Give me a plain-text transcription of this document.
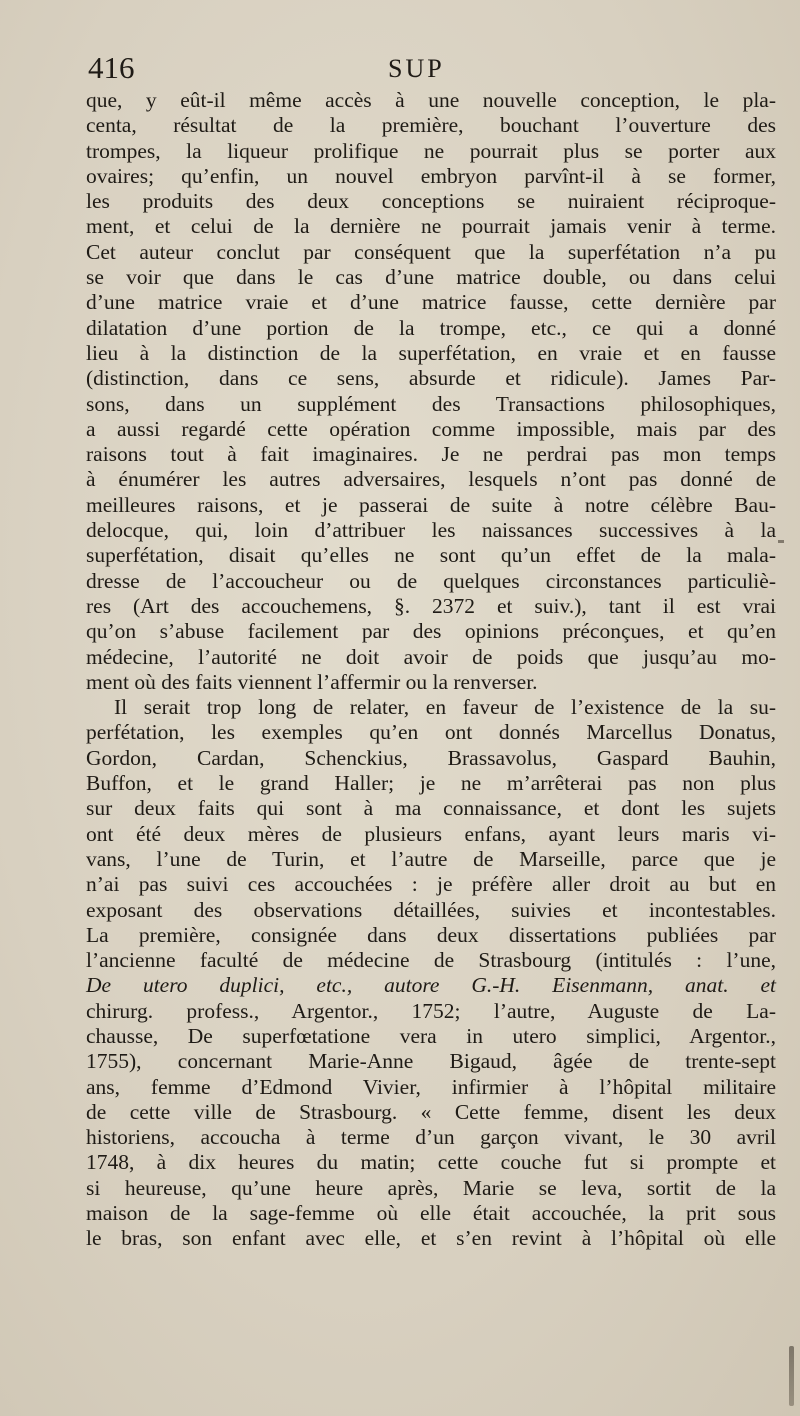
416	SUP

que, y eût-il même accès à une nouvelle conception, le pla-
centa, résultat de la première, bouchant l’ouverture des
trompes, la liqueur prolifique ne pourrait plus se porter aux
ovaires; qu’enfin, un nouvel embryon parvînt-il à se former,
les produits des deux conceptions se nuiraient réciproque-
ment, et celui de la dernière ne pourrait jamais venir à terme.
Cet auteur conclut par conséquent que la superfétation n’a pu
se voir que dans le cas d’une matrice double, ou dans celui
d’une matrice vraie et d’une matrice fausse, cette dernière par
dilatation d’une portion de la trompe, etc., ce qui a donné
lieu à la distinction de la superfétation, en vraie et en fausse
(distinction, dans ce sens, absurde et ridicule). James Par-
sons, dans un supplément des Transactions philosophiques,
a aussi regardé cette opération comme impossible, mais par des
raisons tout à fait imaginaires. Je ne perdrai pas mon temps
à énumérer les autres adversaires, lesquels n’ont pas donné de
meilleures raisons, et je passerai de suite à notre célèbre Bau-
delocque, qui, loin d’attribuer les naissances successives à la
superfétation, disait qu’elles ne sont qu’un effet de la mala-
dresse de l’accoucheur ou de quelques circonstances particuliè-
res (Art des accouchemens, §. 2372 et suiv.), tant il est vrai
qu’on s’abuse facilement par des opinions préconçues, et qu’en
médecine, l’autorité ne doit avoir de poids que jusqu’au mo-
ment où des faits viennent l’affermir ou la renverser.

Il serait trop long de relater, en faveur de l’existence de la su-
perfétation, les exemples qu’en ont donnés Marcellus Donatus,
Gordon, Cardan, Schenckius, Brassavolus, Gaspard Bauhin,
Buffon, et le grand Haller; je ne m’arrêterai pas non plus
sur deux faits qui sont à ma connaissance, et dont les sujets
ont été deux mères de plusieurs enfans, ayant leurs maris vi-
vans, l’une de Turin, et l’autre de Marseille, parce que je
n’ai pas suivi ces accouchées : je préfère aller droit au but en
exposant des observations détaillées, suivies et incontestables.
La première, consignée dans deux dissertations publiées par
l’ancienne faculté de médecine de Strasbourg (intitulés : l’une,
De utero duplici, etc., autore G.-H. Eisenmann, anat. et
chirurg. profess., Argentor., 1752; l’autre, Auguste de La-
chausse, De superfœtatione vera in utero simplici, Argentor.,
1755), concernant Marie-Anne Bigaud, âgée de trente-sept
ans, femme d’Edmond Vivier, infirmier à l’hôpital militaire
de cette ville de Strasbourg. « Cette femme, disent les deux
historiens, accoucha à terme d’un garçon vivant, le 30 avril
1748, à dix heures du matin; cette couche fut si prompte et
si heureuse, qu’une heure après, Marie se leva, sortit de la
maison de la sage-femme où elle était accouchée, la prit sous
le bras, son enfant avec elle, et s’en revint à l’hôpital où elle
